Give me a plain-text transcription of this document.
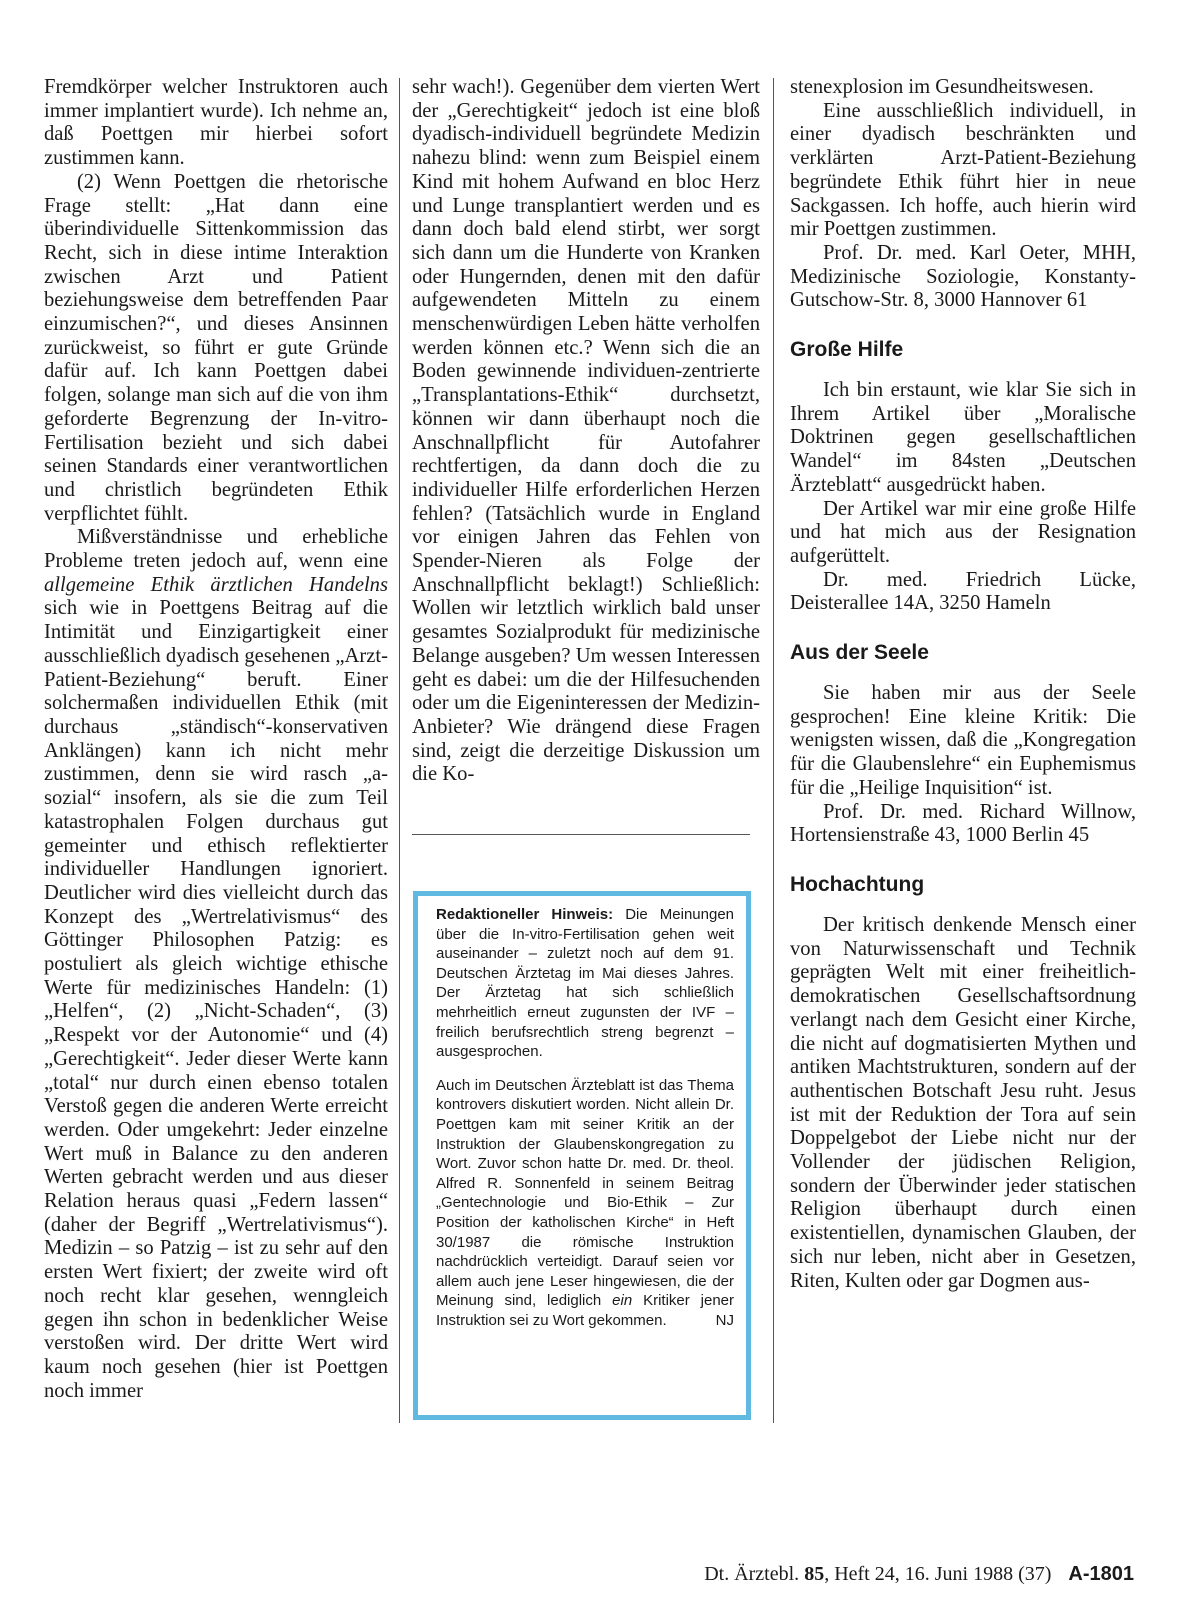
Fremdkörper welcher Instruktoren auch immer implantiert wurde). Ich nehme an, daß Poettgen mir hierbei sofort zustimmen kann.

(2) Wenn Poettgen die rhetorische Frage stellt: „Hat dann eine überindividuelle Sittenkommission das Recht, sich in diese intime Interaktion zwischen Arzt und Patient beziehungsweise dem betreffenden Paar einzumischen?“, und dieses Ansinnen zurückweist, so führt er gute Gründe dafür auf. Ich kann Poettgen dabei folgen, solange man sich auf die von ihm geforderte Begrenzung der In-vitro-Fertilisation bezieht und sich dabei seinen Standards einer verantwortlichen und christlich begründeten Ethik verpflichtet fühlt.

Mißverständnisse und erhebliche Probleme treten jedoch auf, wenn eine allgemeine Ethik ärztlichen Handelns sich wie in Poettgens Beitrag auf die Intimität und Einzigartigkeit einer ausschließlich dyadisch gesehenen „Arzt-Patient-Beziehung“ beruft. Einer solchermaßen individuellen Ethik (mit durchaus „ständisch“-konservativen Anklängen) kann ich nicht mehr zustimmen, denn sie wird rasch „a-sozial“ insofern, als sie die zum Teil katastrophalen Folgen durchaus gut gemeinter und ethisch reflektierter individueller Handlungen ignoriert. Deutlicher wird dies vielleicht durch das Konzept des „Wertrelativismus“ des Göttinger Philosophen Patzig: es postuliert als gleich wichtige ethische Werte für medizinisches Handeln: (1) „Helfen“, (2) „Nicht-Schaden“, (3) „Respekt vor der Autonomie“ und (4) „Gerechtigkeit“. Jeder dieser Werte kann „total“ nur durch einen ebenso totalen Verstoß gegen die anderen Werte erreicht werden. Oder umgekehrt: Jeder einzelne Wert muß in Balance zu den anderen Werten gebracht werden und aus dieser Relation heraus quasi „Federn lassen“ (daher der Begriff „Wertrelativismus“). Medizin – so Patzig – ist zu sehr auf den ersten Wert fixiert; der zweite wird oft noch recht klar gesehen, wenngleich gegen ihn schon in bedenklicher Weise verstoßen wird. Der dritte Wert wird kaum noch gesehen (hier ist Poettgen noch immer

sehr wach!). Gegenüber dem vierten Wert der „Gerechtigkeit“ jedoch ist eine bloß dyadisch-individuell begründete Medizin nahezu blind: wenn zum Beispiel einem Kind mit hohem Aufwand en bloc Herz und Lunge transplantiert werden und es dann doch bald elend stirbt, wer sorgt sich dann um die Hunderte von Kranken oder Hungernden, denen mit den dafür aufgewendeten Mitteln zu einem menschenwürdigen Leben hätte verholfen werden können etc.? Wenn sich die an Boden gewinnende individuen-zentrierte „Transplantations-Ethik“ durchsetzt, können wir dann überhaupt noch die Anschnallpflicht für Autofahrer rechtfertigen, da dann doch die zu individueller Hilfe erforderlichen Herzen fehlen? (Tatsächlich wurde in England vor einigen Jahren das Fehlen von Spender-Nieren als Folge der Anschnallpflicht beklagt!) Schließlich: Wollen wir letztlich wirklich bald unser gesamtes Sozialprodukt für medizinische Belange ausgeben? Um wessen Interessen geht es dabei: um die der Hilfesuchenden oder um die Eigeninteressen der Medizin-Anbieter? Wie drängend diese Fragen sind, zeigt die derzeitige Diskussion um die Ko-

Redaktioneller Hinweis: Die Meinungen über die In-vitro-Fertilisation gehen weit auseinander – zuletzt noch auf dem 91. Deutschen Ärztetag im Mai dieses Jahres. Der Ärztetag hat sich schließlich mehrheitlich erneut zugunsten der IVF – freilich berufsrechtlich streng begrenzt – ausgesprochen.

Auch im Deutschen Ärzteblatt ist das Thema kontrovers diskutiert worden. Nicht allein Dr. Poettgen kam mit seiner Kritik an der Instruktion der Glaubenskongregation zu Wort. Zuvor schon hatte Dr. med. Dr. theol. Alfred R. Sonnenfeld in seinem Beitrag „Gentechnologie und Bio-Ethik – Zur Position der katholischen Kirche“ in Heft 30/1987 die römische Instruktion nachdrücklich verteidigt. Darauf seien vor allem auch jene Leser hingewiesen, die der Meinung sind, lediglich ein Kritiker jener Instruktion sei zu Wort gekommen.	NJ

stenexplosion im Gesundheitswesen.

Eine ausschließlich individuell, in einer dyadisch beschränkten und verklärten Arzt-Patient-Beziehung begründete Ethik führt hier in neue Sackgassen. Ich hoffe, auch hierin wird mir Poettgen zustimmen.

Prof. Dr. med. Karl Oeter, MHH, Medizinische Soziologie, Konstanty-Gutschow-Str. 8, 3000 Hannover 61

Große Hilfe

Ich bin erstaunt, wie klar Sie sich in Ihrem Artikel über „Moralische Doktrinen gegen gesellschaftlichen Wandel“ im 84sten „Deutschen Ärzteblatt“ ausgedrückt haben.

Der Artikel war mir eine große Hilfe und hat mich aus der Resignation aufgerüttelt.

Dr. med. Friedrich Lücke, Deisterallee 14A, 3250 Hameln

Aus der Seele

Sie haben mir aus der Seele gesprochen! Eine kleine Kritik: Die wenigsten wissen, daß die „Kongregation für die Glaubenslehre“ ein Euphemismus für die „Heilige Inquisition“ ist.

Prof. Dr. med. Richard Willnow, Hortensienstraße 43, 1000 Berlin 45

Hochachtung

Der kritisch denkende Mensch einer von Naturwissenschaft und Technik geprägten Welt mit einer freiheitlich-demokratischen Gesellschaftsordnung verlangt nach dem Gesicht einer Kirche, die nicht auf dogmatisierten Mythen und antiken Machtstrukturen, sondern auf der authentischen Botschaft Jesu ruht. Jesus ist mit der Reduktion der Tora auf sein Doppelgebot der Liebe nicht nur der Vollender der jüdischen Religion, sondern der Überwinder jeder statischen Religion überhaupt durch einen existentiellen, dynamischen Glauben, der sich nur leben, nicht aber in Gesetzen, Riten, Kulten oder gar Dogmen aus-

Dt. Ärztebl. 85, Heft 24, 16. Juni 1988 (37) A-1801
